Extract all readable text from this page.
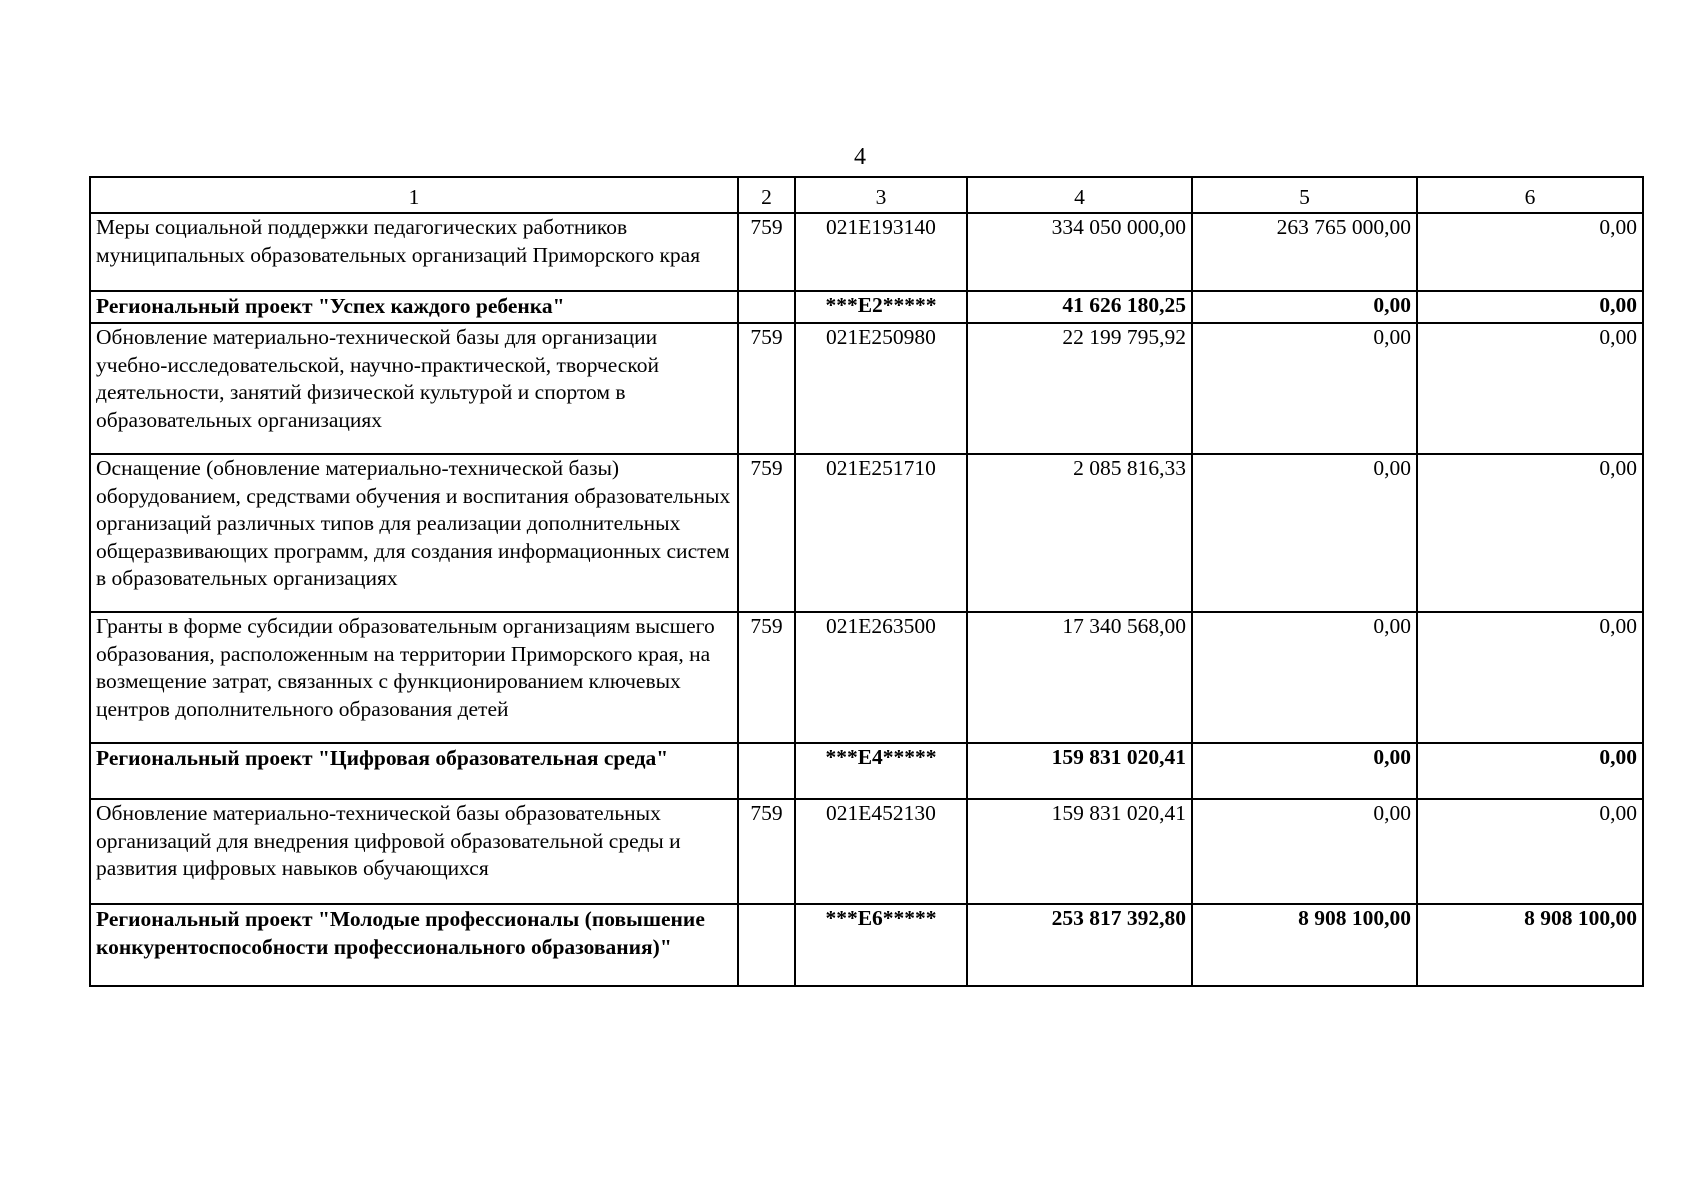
4
1	2	3	4	5	6
Меры социальной поддержки педагогических работников муниципальных образовательных организаций Приморского края	759	021Е193140	334 050 000,00	263 765 000,00	0,00
Региональный проект "Успех каждого ребенка"		***Е2*****	41 626 180,25	0,00	0,00
Обновление материально-технической базы для организации учебно-исследовательской, научно-практической, творческой деятельности, занятий физической культурой и спортом в образовательных организациях	759	021Е250980	22 199 795,92	0,00	0,00
Оснащение (обновление материально-технической базы) оборудованием, средствами обучения и воспитания образовательных организаций различных типов для реализации дополнительных общеразвивающих программ, для создания информационных систем в образовательных организациях	759	021Е251710	2 085 816,33	0,00	0,00
Гранты в форме субсидии образовательным организациям высшего образования, расположенным на территории Приморского края, на возмещение затрат, связанных с функционированием ключевых центров дополнительного образования детей	759	021Е263500	17 340 568,00	0,00	0,00
Региональный проект "Цифровая образовательная среда"		***Е4*****	159 831 020,41	0,00	0,00
Обновление материально-технической базы образовательных организаций для внедрения цифровой образовательной среды и развития цифровых навыков обучающихся	759	021Е452130	159 831 020,41	0,00	0,00
Региональный проект "Молодые профессионалы (повышение конкурентоспособности профессионального образования)"		***Е6*****	253 817 392,80	8 908 100,00	8 908 100,00
